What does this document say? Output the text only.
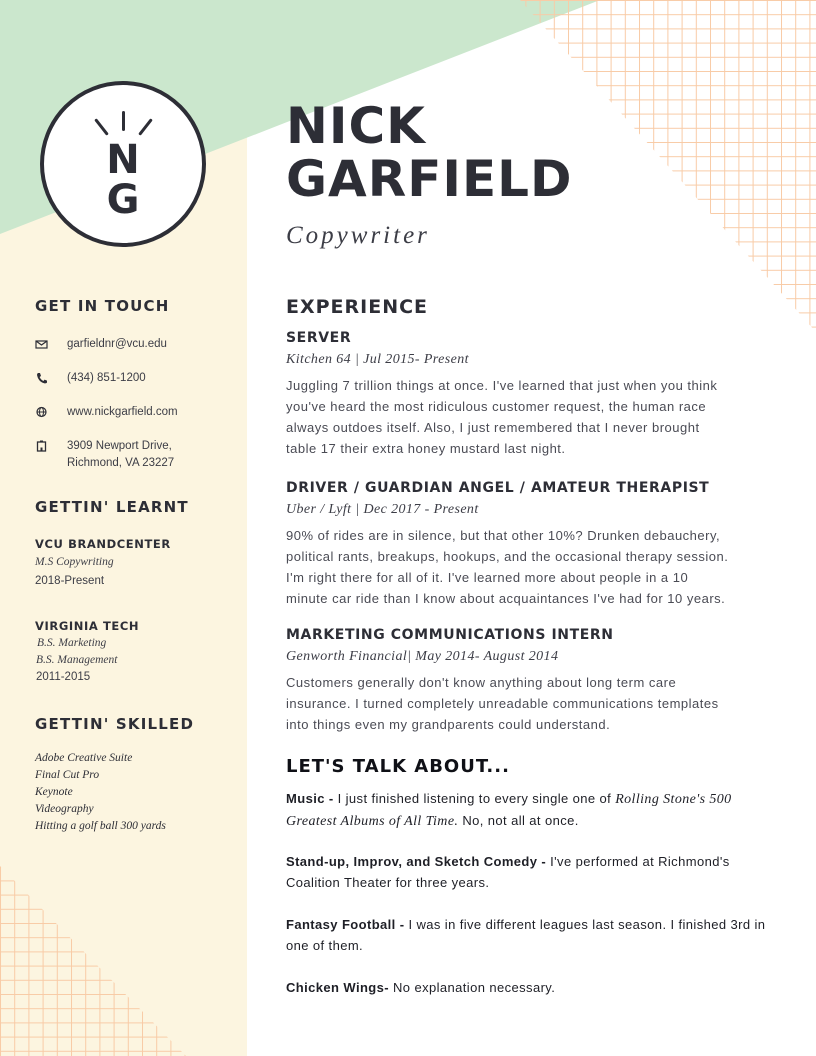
N
G
NICK
GARFIELD
Copywriter
GET IN TOUCH
garfieldnr@vcu.edu
(434) 851-1200
www.nickgarfield.com
3909 Newport Drive,
Richmond, VA 23227
GETTIN' LEARNT
VCU BRANDCENTER
M.S Copywriting
2018-Present
VIRGINIA TECH
B.S. Marketing
B.S. Management
2011-2015
GETTIN' SKILLED
Adobe Creative Suite
Final Cut Pro
Keynote
Videography
Hitting a golf ball 300 yards
EXPERIENCE
SERVER
Kitchen 64 | Jul 2015- Present
Juggling 7 trillion things at once. I've learned that just when you think
you've heard the most ridiculous customer request, the human race
always outdoes itself. Also, I just remembered that I never brought
table 17 their extra honey mustard last night.
DRIVER / GUARDIAN ANGEL / AMATEUR THERAPIST
Uber / Lyft | Dec 2017 - Present
90% of rides are in silence, but that other 10%? Drunken debauchery,
political rants, breakups, hookups, and the occasional therapy session.
I'm right there for all of it. I've learned more about people in a 10
minute car ride than I know about acquaintances I've had for 10 years.
MARKETING COMMUNICATIONS INTERN
Genworth Financial| May 2014- August 2014
Customers generally don't know anything about long term care
insurance. I turned completely unreadable communications templates
into things even my grandparents could understand.
LET'S TALK ABOUT...
Music - I just finished listening to every single one of Rolling Stone's 500 Greatest Albums of All Time. No, not all at once.
Stand-up, Improv, and Sketch Comedy - I've performed at Richmond's Coalition Theater for three years.
Fantasy Football - I was in five different leagues last season. I finished 3rd in one of them.
Chicken Wings- No explanation necessary.
